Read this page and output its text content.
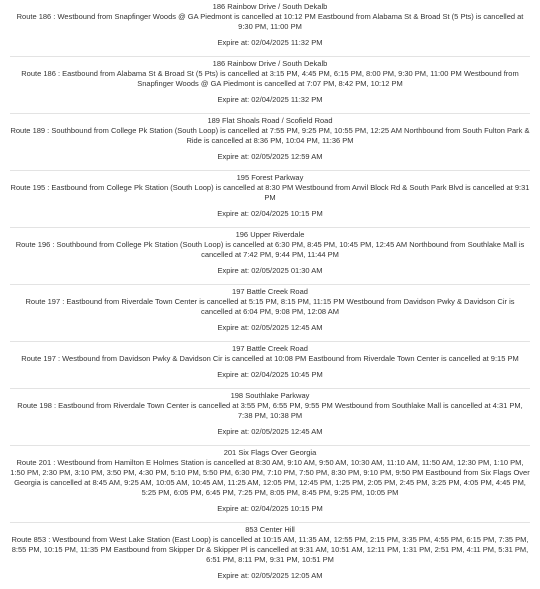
186 Rainbow Drive / South Dekalb

Route 186 : Westbound from Snapfinger Woods @ GA Piedmont is cancelled at 10:12 PM Eastbound from Alabama St & Broad St (5 Pts) is cancelled at 9:30 PM, 11:00 PM

Expire at: 02/04/2025 11:32 PM

186 Rainbow Drive / South Dekalb

Route 186 : Eastbound from Alabama St & Broad St (5 Pts) is cancelled at 3:15 PM, 4:45 PM, 6:15 PM, 8:00 PM, 9:30 PM, 11:00 PM Westbound from Snapfinger Woods @ GA Piedmont is cancelled at 7:07 PM, 8:42 PM, 10:12 PM

Expire at: 02/04/2025 11:32 PM

189 Flat Shoals Road / Scofield Road

Route 189 : Southbound from College Pk Station (South Loop) is cancelled at 7:55 PM, 9:25 PM, 10:55 PM, 12:25 AM Northbound from South Fulton Park & Ride is cancelled at 8:36 PM, 10:04 PM, 11:36 PM

Expire at: 02/05/2025 12:59 AM

195 Forest Parkway

Route 195 : Eastbound from College Pk Station (South Loop) is cancelled at 8:30 PM Westbound from Anvil Block Rd & South Park Blvd is cancelled at 9:31 PM

Expire at: 02/04/2025 10:15 PM

196 Upper Riverdale

Route 196 : Southbound from College Pk Station (South Loop) is cancelled at 6:30 PM, 8:45 PM, 10:45 PM, 12:45 AM Northbound from Southlake Mall is cancelled at 7:42 PM, 9:44 PM, 11:44 PM

Expire at: 02/05/2025 01:30 AM

197 Battle Creek Road

Route 197 : Eastbound from Riverdale Town Center is cancelled at 5:15 PM, 8:15 PM, 11:15 PM Westbound from Davidson Pwky & Davidson Cir is cancelled at 6:04 PM, 9:08 PM, 12:08 AM

Expire at: 02/05/2025 12:45 AM

197 Battle Creek Road

Route 197 : Westbound from Davidson Pwky & Davidson Cir is cancelled at 10:08 PM Eastbound from Riverdale Town Center is cancelled at 9:15 PM

Expire at: 02/04/2025 10:45 PM

198 Southlake Parkway

Route 198 : Eastbound from Riverdale Town Center is cancelled at 3:55 PM, 6:55 PM, 9:55 PM Westbound from Southlake Mall is cancelled at 4:31 PM, 7:38 PM, 10:38 PM

Expire at: 02/05/2025 12:45 AM

201 Six Flags Over Georgia

Route 201 : Westbound from Hamilton E Holmes Station is cancelled at 8:30 AM, 9:10 AM, 9:50 AM, 10:30 AM, 11:10 AM, 11:50 AM, 12:30 PM, 1:10 PM, 1:50 PM, 2:30 PM, 3:10 PM, 3:50 PM, 4:30 PM, 5:10 PM, 5:50 PM, 6:30 PM, 7:10 PM, 7:50 PM, 8:30 PM, 9:10 PM, 9:50 PM Eastbound from Six Flags Over Georgia is cancelled at 8:45 AM, 9:25 AM, 10:05 AM, 10:45 AM, 11:25 AM, 12:05 PM, 12:45 PM, 1:25 PM, 2:05 PM, 2:45 PM, 3:25 PM, 4:05 PM, 4:45 PM, 5:25 PM, 6:05 PM, 6:45 PM, 7:25 PM, 8:05 PM, 8:45 PM, 9:25 PM, 10:05 PM

Expire at: 02/04/2025 10:15 PM

853 Center Hill

Route 853 : Westbound from West Lake Station (East Loop) is cancelled at 10:15 AM, 11:35 AM, 12:55 PM, 2:15 PM, 3:35 PM, 4:55 PM, 6:15 PM, 7:35 PM, 8:55 PM, 10:15 PM, 11:35 PM Eastbound from Skipper Dr & Skipper Pl is cancelled at 9:31 AM, 10:51 AM, 12:11 PM, 1:31 PM, 2:51 PM, 4:11 PM, 5:31 PM, 6:51 PM, 8:11 PM, 9:31 PM, 10:51 PM

Expire at: 02/05/2025 12:05 AM
